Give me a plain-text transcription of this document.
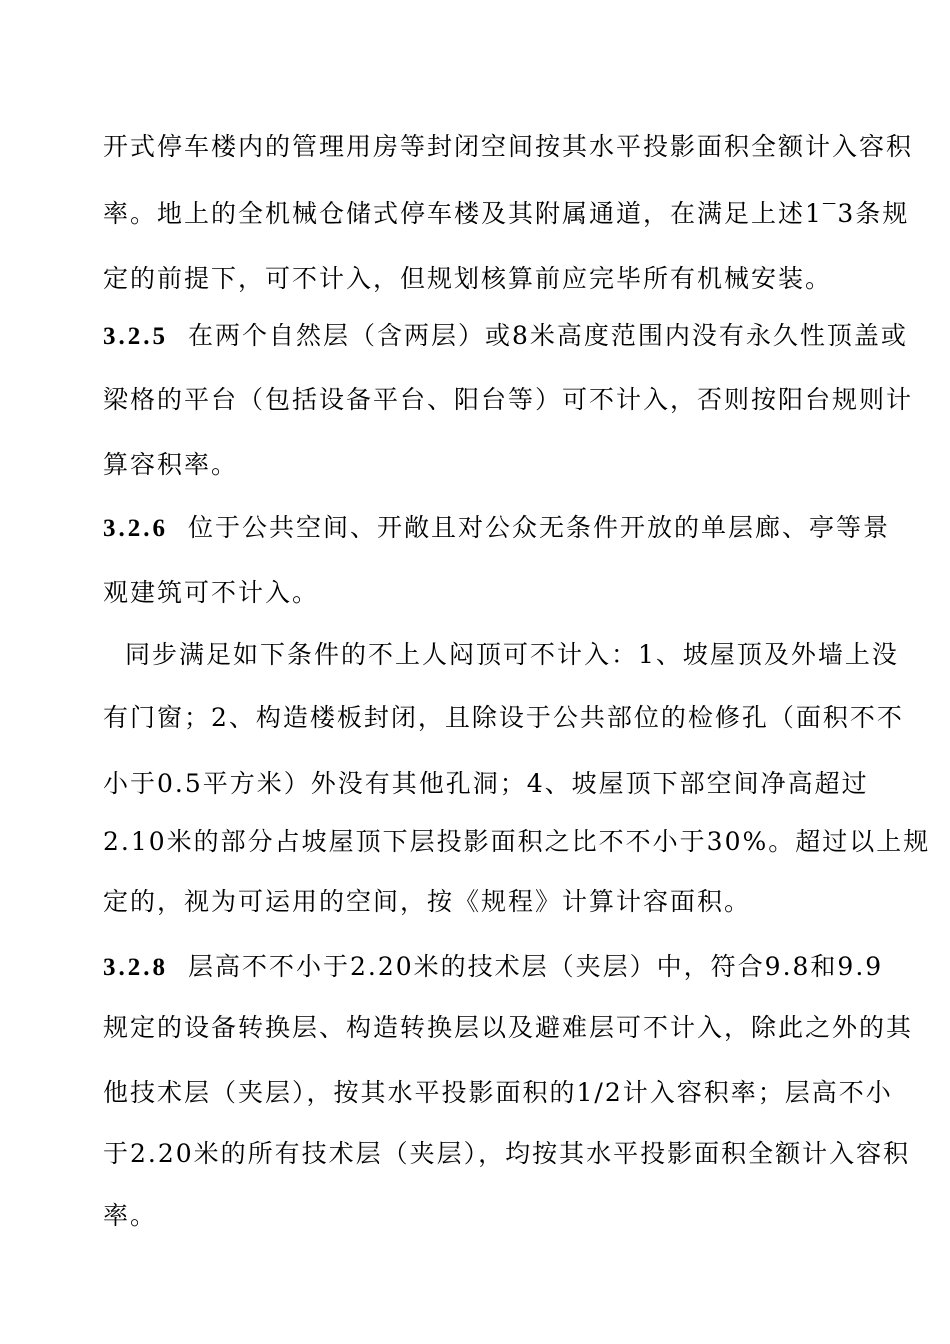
开式停车楼内的管理用房等封闭空间按其水平投影面积全额计入容积
率。地上的全机械仓储式停车楼及其附属通道，在满足上述1‾3条规
定的前提下，可不计入，但规划核算前应完毕所有机械安装。
3.2.5 在两个自然层（含两层）或8米高度范围内没有永久性顶盖或
梁格的平台（包括设备平台、阳台等）可不计入，否则按阳台规则计
算容积率。
3.2.6 位于公共空间、开敞且对公众无条件开放的单层廊、亭等景
观建筑可不计入。
同步满足如下条件的不上人闷顶可不计入：1、坡屋顶及外墙上没
有门窗；2、构造楼板封闭，且除设于公共部位的检修孔（面积不不
小于0.5平方米）外没有其他孔洞；4、坡屋顶下部空间净高超过
2.10米的部分占坡屋顶下层投影面积之比不不小于30%。超过以上规
定的，视为可运用的空间，按《规程》计算计容面积。
3.2.8 层高不不小于2.20米的技术层（夹层）中，符合9.8和9.9
规定的设备转换层、构造转换层以及避难层可不计入，除此之外的其
他技术层（夹层），按其水平投影面积的1/2计入容积率；层高不小
于2.20米的所有技术层（夹层），均按其水平投影面积全额计入容积
率。
